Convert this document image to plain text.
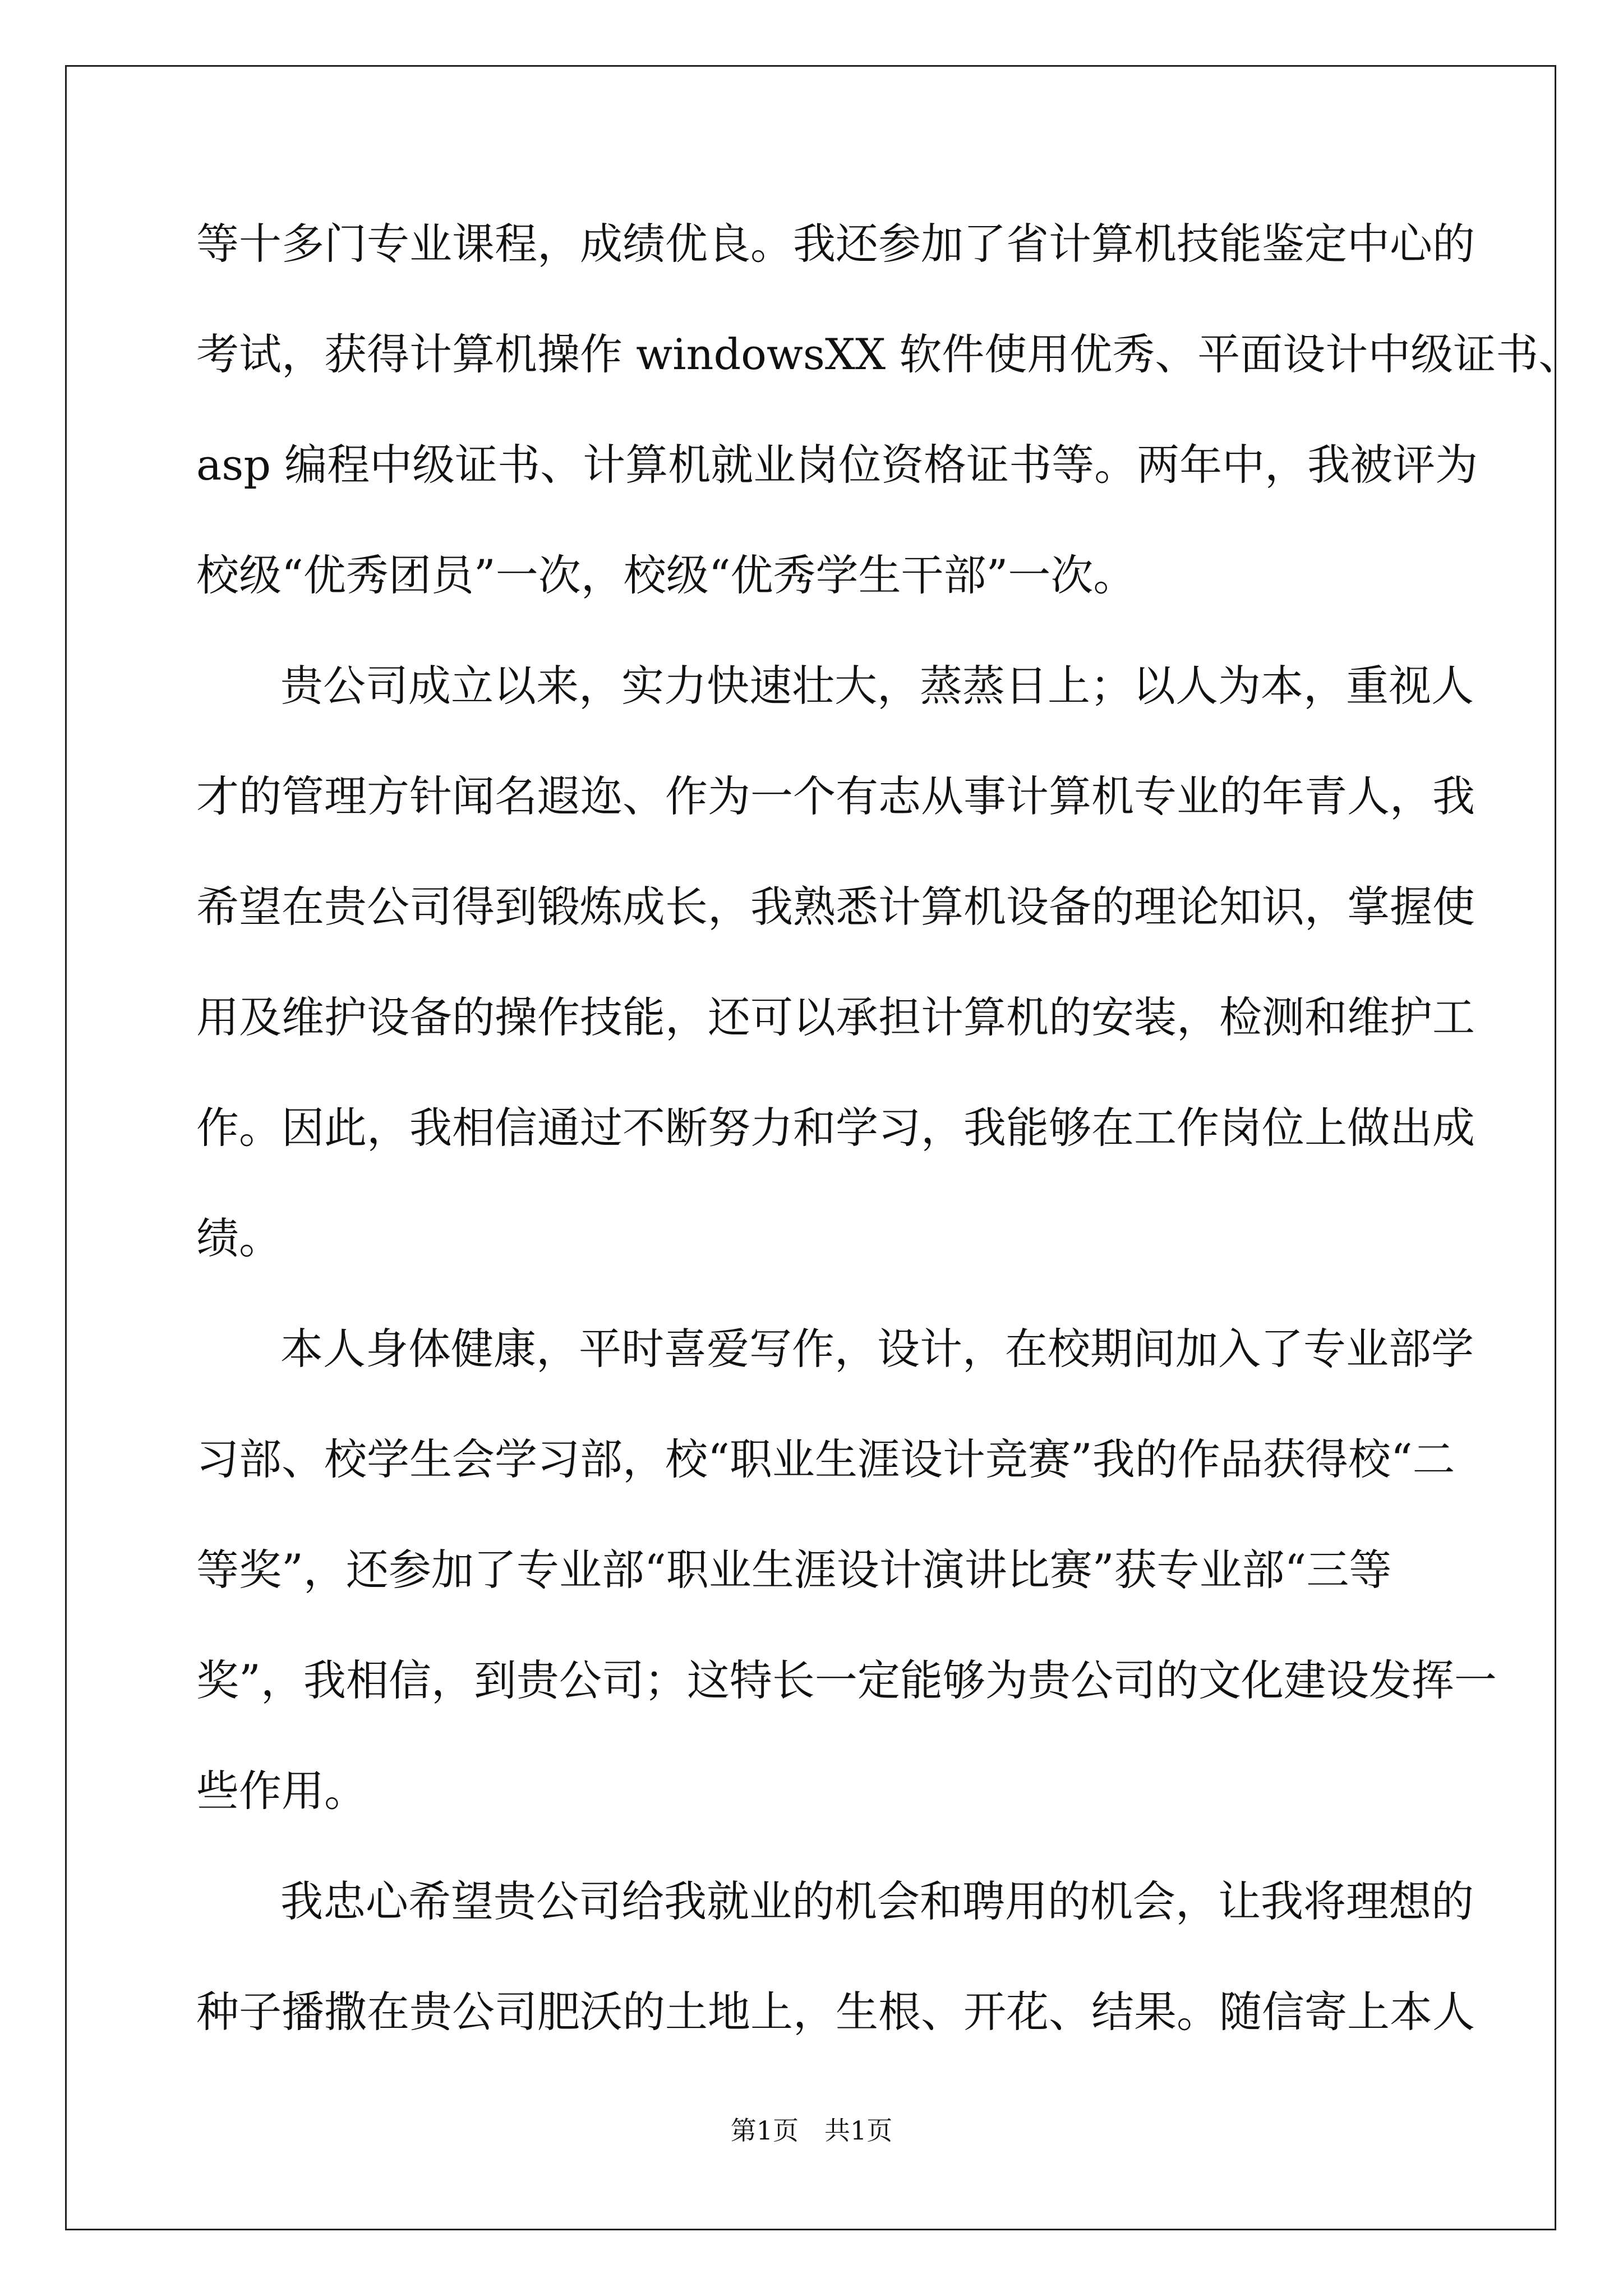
等十多门专业课程，成绩优良。我还参加了省计算机技能鉴定中心的
考试，获得计算机操作 windowsXX 软件使用优秀、平面设计中级证书、
asp 编程中级证书、计算机就业岗位资格证书等。两年中，我被评为
校级“优秀团员”一次，校级“优秀学生干部”一次。
贵公司成立以来，实力快速壮大，蒸蒸日上；以人为本，重视人
才的管理方针闻名遐迩、作为一个有志从事计算机专业的年青人，我
希望在贵公司得到锻炼成长，我熟悉计算机设备的理论知识，掌握使
用及维护设备的操作技能，还可以承担计算机的安装，检测和维护工
作。因此，我相信通过不断努力和学习，我能够在工作岗位上做出成
绩。
本人身体健康，平时喜爱写作，设计，在校期间加入了专业部学
习部、校学生会学习部，校“职业生涯设计竞赛”我的作品获得校“二
等奖”，还参加了专业部“职业生涯设计演讲比赛”获专业部“三等
奖”，我相信，到贵公司；这特长一定能够为贵公司的文化建设发挥一
些作用。
我忠心希望贵公司给我就业的机会和聘用的机会，让我将理想的
种子播撒在贵公司肥沃的土地上，生根、开花、结果。随信寄上本人
第1页　共1页
